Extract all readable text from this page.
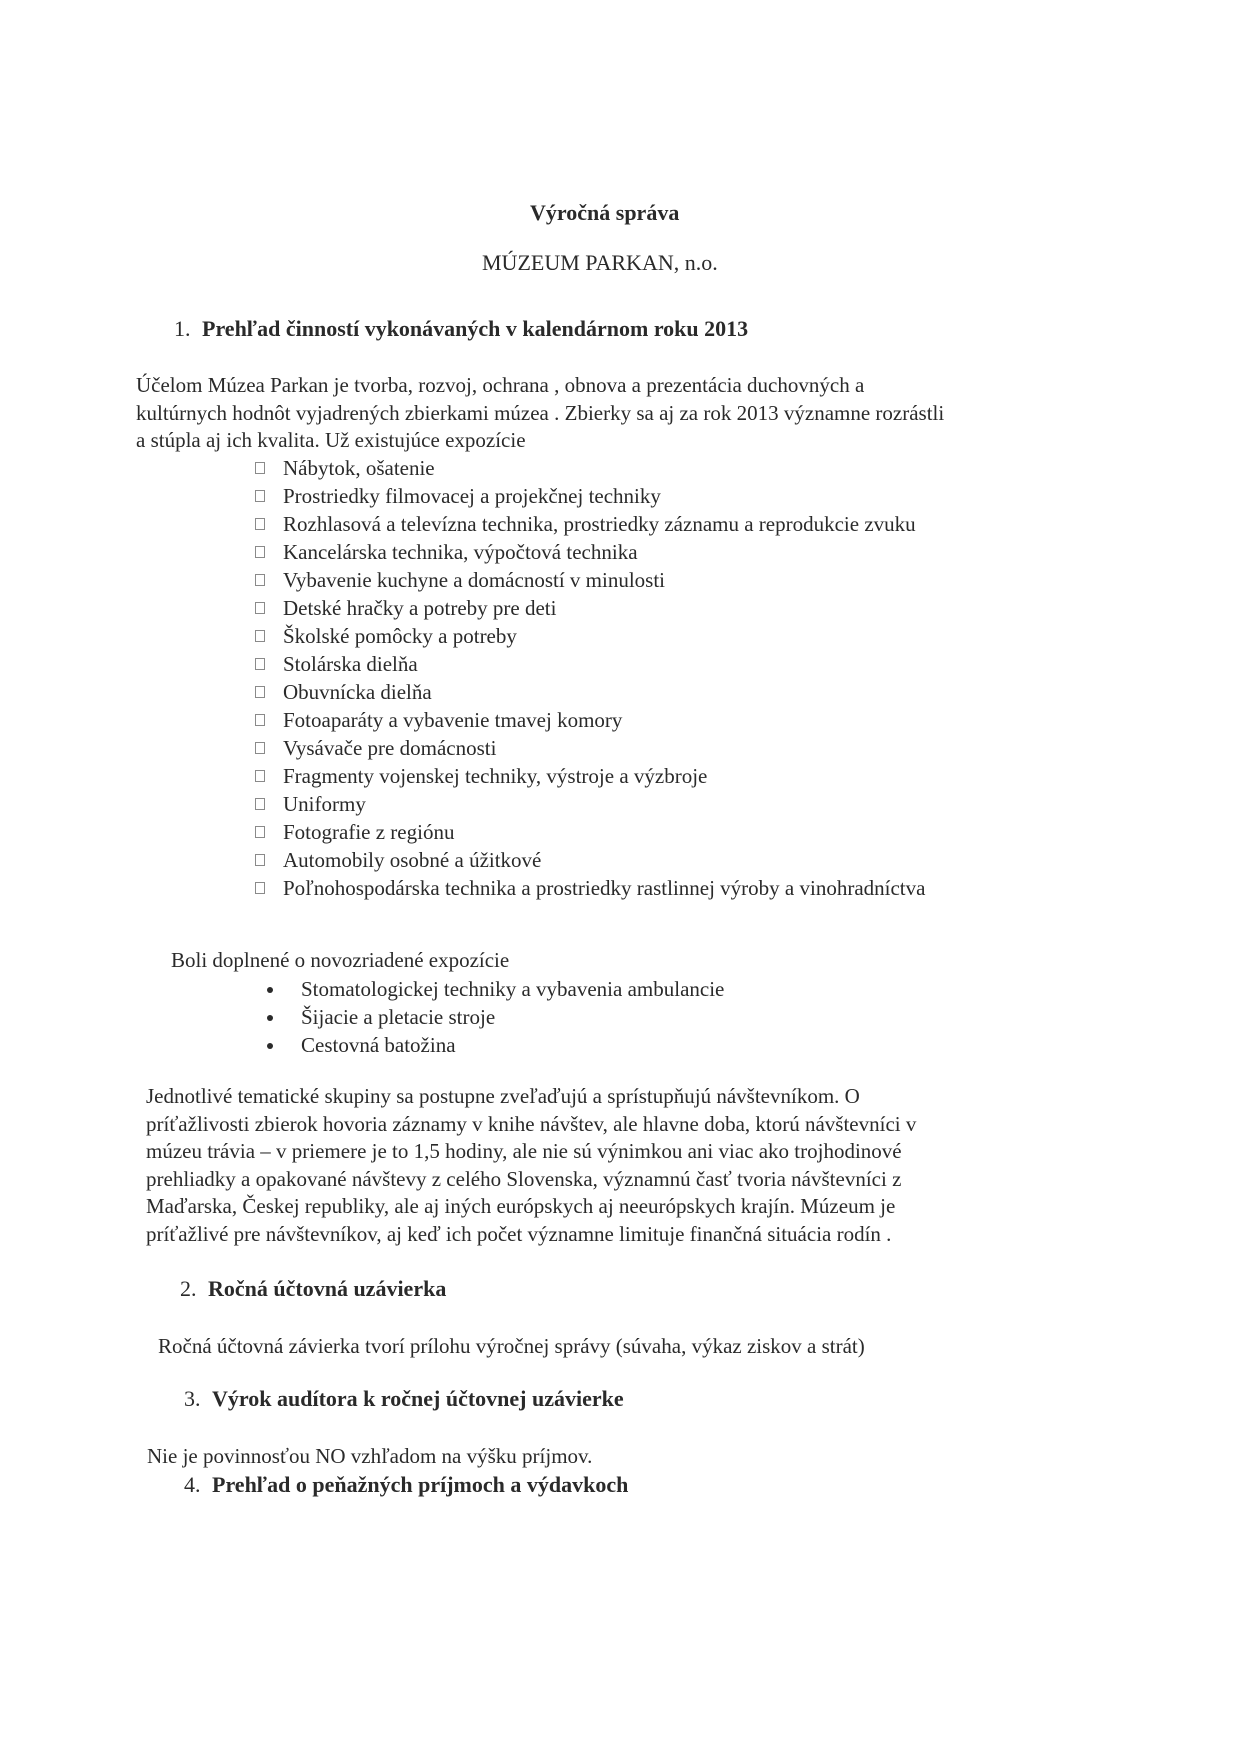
Výročná správa
MÚZEUM PARKAN, n.o.
1. Prehľad činností vykonávaných v kalendárnom roku 2013
Účelom Múzea Parkan je tvorba, rozvoj, ochrana , obnova a prezentácia duchovných a
kultúrnych hodnôt vyjadrených zbierkami múzea . Zbierky sa aj za rok 2013 významne rozrástli
a stúpla aj ich kvalita. Už existujúce expozície
Nábytok, ošatenie
Prostriedky filmovacej a projekčnej techniky
Rozhlasová a televízna technika, prostriedky záznamu a reprodukcie zvuku
Kancelárska technika, výpočtová technika
Vybavenie kuchyne a domácností v minulosti
Detské hračky a potreby pre deti
Školské pomôcky a potreby
Stolárska dielňa
Obuvnícka dielňa
Fotoaparáty a vybavenie tmavej komory
Vysávače pre domácnosti
Fragmenty vojenskej techniky, výstroje a výzbroje
Uniformy
Fotografie z regiónu
Automobily osobné a úžitkové
Poľnohospodárska technika a prostriedky rastlinnej výroby a vinohradníctva
Boli doplnené o novozriadené expozície
Stomatologickej techniky a vybavenia ambulancie
Šijacie a pletacie stroje
Cestovná batožina
Jednotlivé tematické skupiny sa postupne zveľaďujú a sprístupňujú návštevníkom. O
príťažlivosti zbierok hovoria záznamy v knihe návštev, ale hlavne doba, ktorú návštevníci v
múzeu trávia – v priemere je to 1,5 hodiny, ale nie sú výnimkou ani viac ako trojhodinové
prehliadky a opakované návštevy z celého Slovenska, významnú časť tvoria návštevníci z
Maďarska, Českej republiky, ale aj iných európskych aj neeurópskych krajín. Múzeum je
príťažlivé pre návštevníkov, aj keď ich počet významne limituje finančná situácia rodín .
2. Ročná účtovná uzávierka
Ročná účtovná závierka tvorí prílohu výročnej správy (súvaha, výkaz ziskov a strát)
3. Výrok audítora k ročnej účtovnej uzávierke
Nie je povinnosťou NO vzhľadom na výšku príjmov.
4. Prehľad o peňažných príjmoch a výdavkoch
